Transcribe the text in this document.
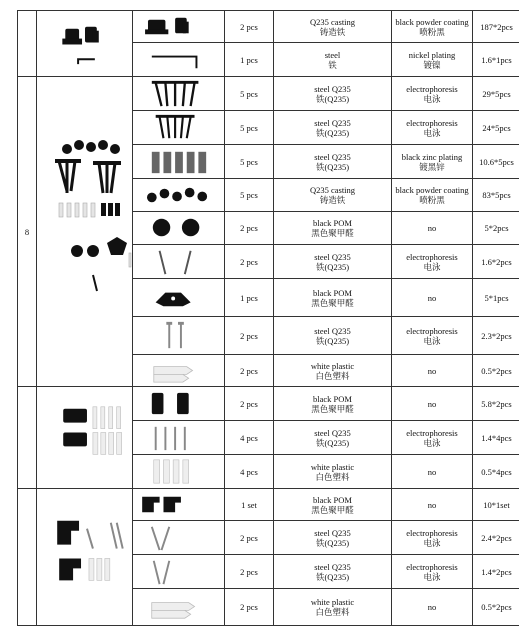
	2 pcs	Q235 casting
铸造铁	black powder coating
喷粉黑	187*2pcs

	1 pcs	steel
铁	nickel plating
镀镍	1.6*1pcs
8			5 pcs	steel Q235
铁(Q235)	electrophoresis
电泳	29*5pcs

	5 pcs	steel Q235
铁(Q235)	electrophoresis
电泳	24*5pcs

	5 pcs	steel Q235
铁(Q235)	black zinc plating
镀黑锌	10.6*5pcs

	5 pcs	Q235 casting
铸造铁	black powder coating
喷粉黑	83*5pcs

	2 pcs	black POM
黑色聚甲醛	no	5*2pcs

	2 pcs	steel Q235
铁(Q235)	electrophoresis
电泳	1.6*2pcs

	1 pcs	black POM
黑色聚甲醛	no	5*1pcs

	2 pcs	steel Q235
铁(Q235)	electrophoresis
电泳	2.3*2pcs

	2 pcs	white plastic
白色塑料	no	0.5*2pcs

	2 pcs	black POM
黑色聚甲醛	no	5.8*2pcs

	4 pcs	steel Q235
铁(Q235)	electrophoresis
电泳	1.4*4pcs

	4 pcs	white plastic
白色塑料	no	0.5*4pcs

	1 set	black POM
黑色聚甲醛	no	10*1set

	2 pcs	steel Q235
铁(Q235)	electrophoresis
电泳	2.4*2pcs

	2 pcs	steel Q235
铁(Q235)	electrophoresis
电泳	1.4*2pcs

	2 pcs	white plastic
白色塑料	no	0.5*2pcs
